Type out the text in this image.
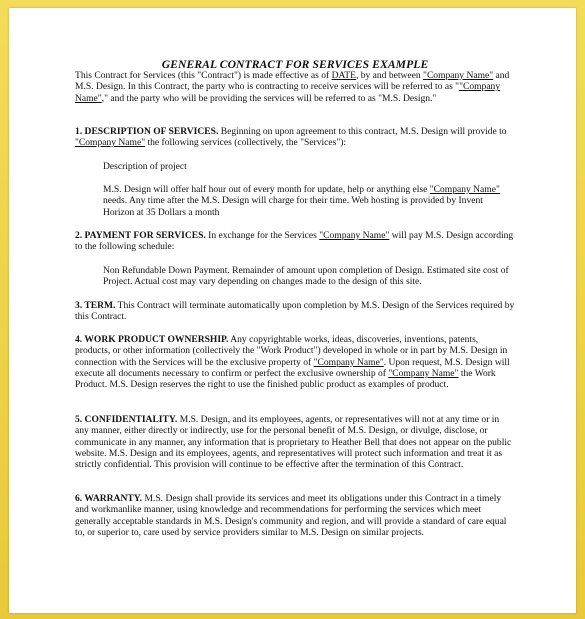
GENERAL CONTRACT FOR SERVICES EXAMPLE

This Contract for Services (this "Contract") is made effective as of DATE, by and between "Company Name" and M.S. Design. In this Contract, the party who is contracting to receive services will be referred to as ""Company Name"," and the party who will be providing the services will be referred to as "M.S. Design."

1. DESCRIPTION OF SERVICES. Beginning on upon agreement to this contract, M.S. Design will provide to "Company Name" the following services (collectively, the "Services"):

Description of project

M.S. Design will offer half hour out of every month for update, help or anything else "Company Name" needs. Any time after the M.S. Design will charge for their time. Web hosting is provided by Invent Horizon at 35 Dollars a month

2. PAYMENT FOR SERVICES. In exchange for the Services "Company Name" will pay M.S. Design according to the following schedule:

Non Refundable Down Payment. Remainder of amount upon completion of Design. Estimated site cost of Project. Actual cost may vary depending on changes made to the design of this site.

3. TERM. This Contract will terminate automatically upon completion by M.S. Design of the Services required by this Contract.

4. WORK PRODUCT OWNERSHIP. Any copyrightable works, ideas, discoveries, inventions, patents, products, or other information (collectively the "Work Product") developed in whole or in part by M.S. Design in connection with the Services will be the exclusive property of "Company Name". Upon request, M.S. Design will execute all documents necessary to confirm or perfect the exclusive ownership of "Company Name" the Work Product. M.S. Design reserves the right to use the finished public product as examples of product.

5. CONFIDENTIALITY. M.S. Design, and its employees, agents, or representatives will not at any time or in any manner, either directly or indirectly, use for the personal benefit of M.S. Design, or divulge, disclose, or communicate in any manner, any information that is proprietary to Heather Bell that does not appear on the public website. M.S. Design and its employees, agents, and representatives will protect such information and treat it as strictly confidential. This provision will continue to be effective after the termination of this Contract.

6. WARRANTY. M.S. Design shall provide its services and meet its obligations under this Contract in a timely and workmanlike manner, using knowledge and recommendations for performing the services which meet generally acceptable standards in M.S. Design's community and region, and will provide a standard of care equal to, or superior to, care used by service providers similar to M.S. Design on similar projects.
